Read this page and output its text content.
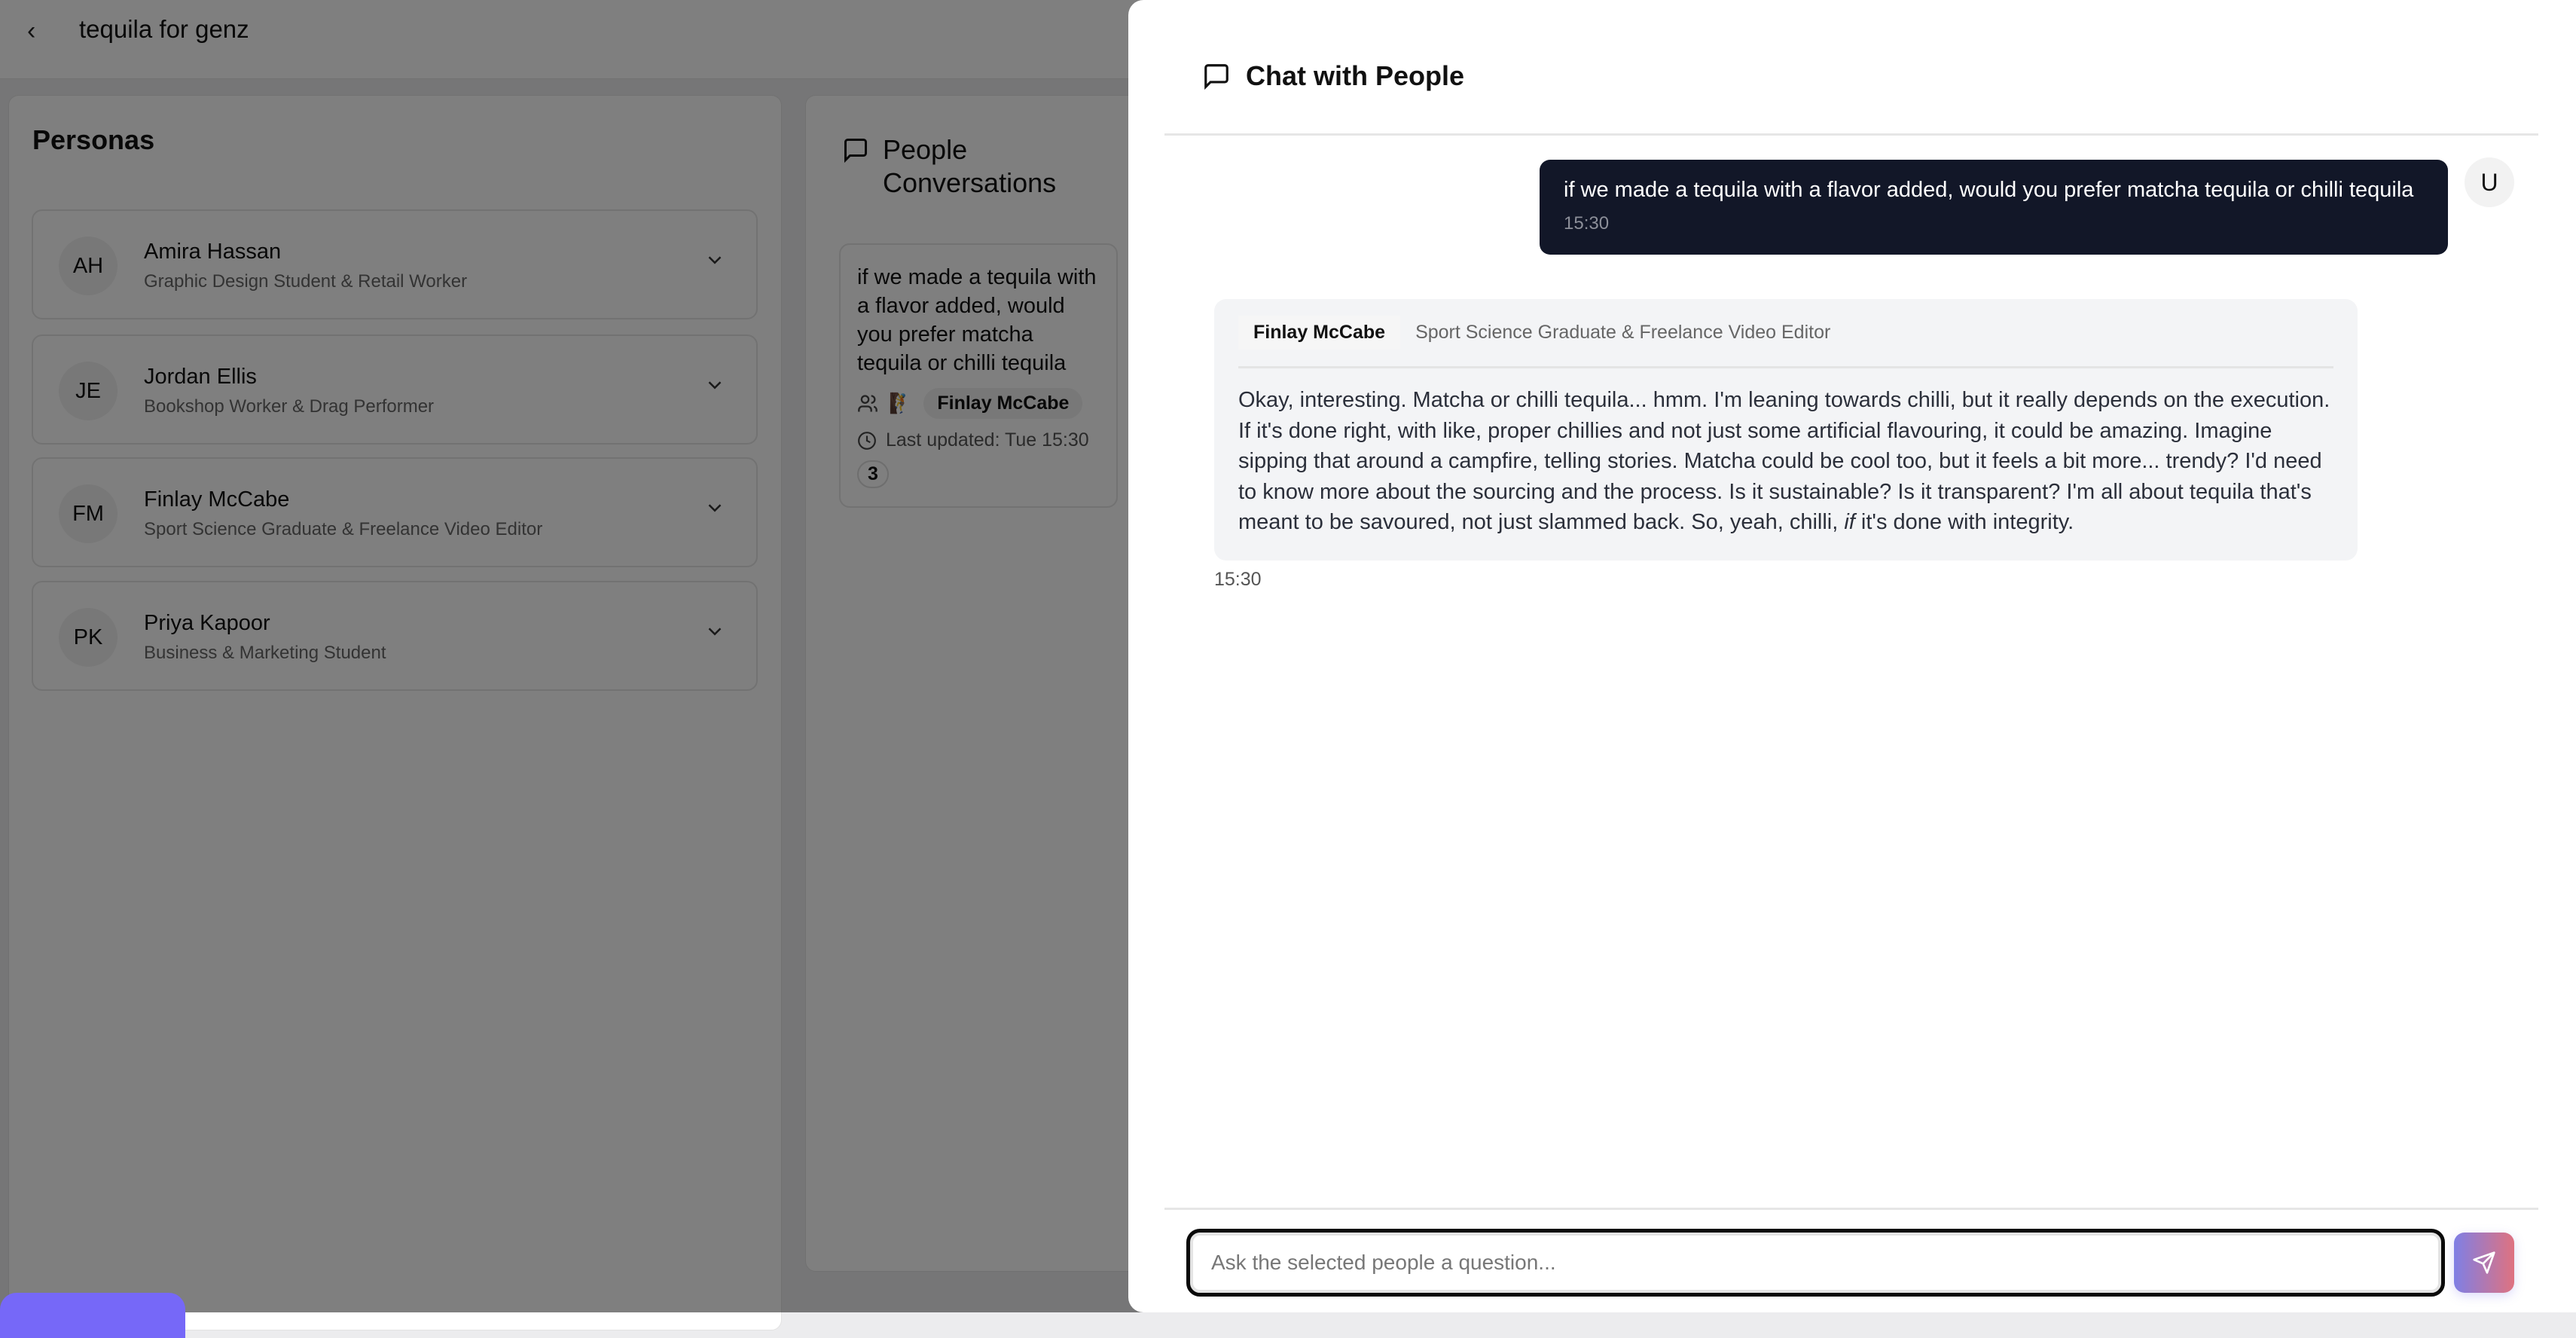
Chat with People
if we made a tequila with a flavor added, would you prefer matcha tequila or chilli tequila
15:30
U
Finlay McCabe	Sport Science Graduate & Freelance Video Editor
Okay, interesting. Matcha or chilli tequila... hmm. I'm leaning towards chilli, but it really depends on the execution. If it's done right, with like, proper chillies and not just some artificial flavouring, it could be amazing. Imagine sipping that around a campfire, telling stories. Matcha could be cool too, but it feels a bit more... trendy? I'd need to know more about the sourcing and the process. Is it sustainable? Is it transparent? I'm all about tequila that's meant to be savoured, not just slammed back. So, yeah, chilli, if it's done with integrity.
15:30
Ask the selected people a question...
